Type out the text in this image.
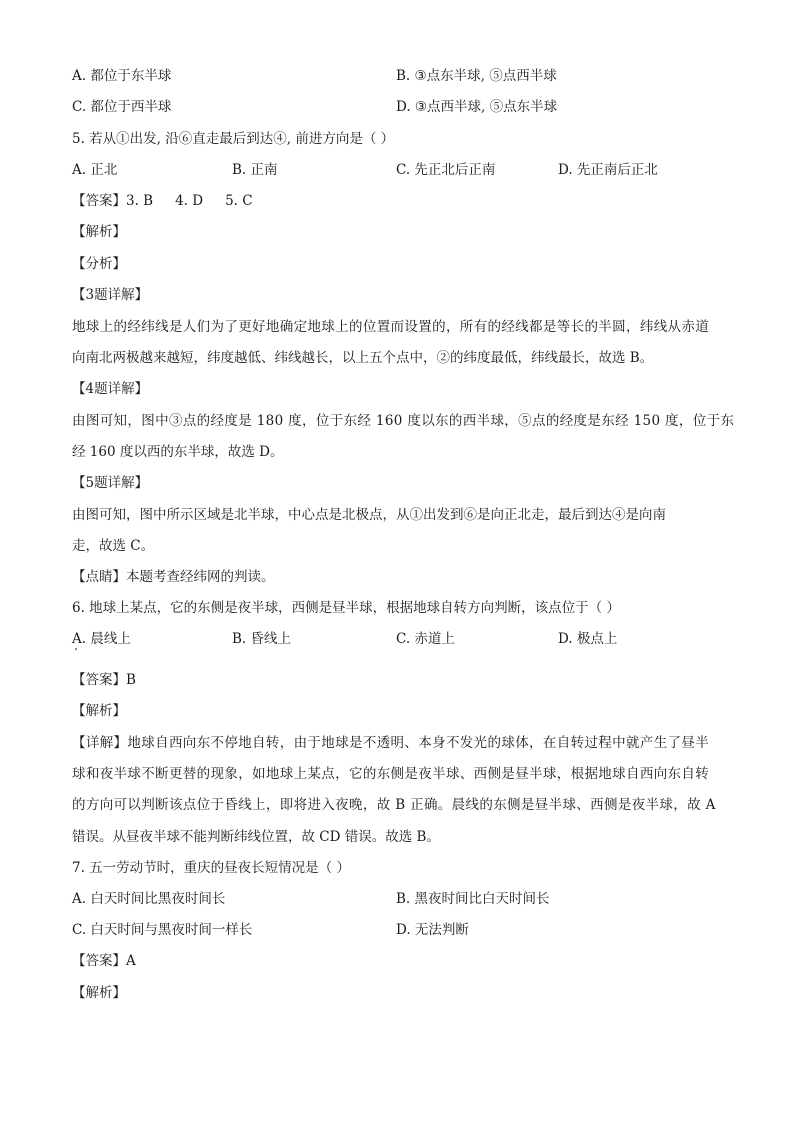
A. 都位于东半球	B. ③点东半球, ⑤点西半球
C. 都位于西半球	D. ③点西半球, ⑤点东半球
5. 若从①出发, 沿⑥直走最后到达④, 前进方向是（ ）
A. 正北	B. 正南	C. 先正北后正南	D. 先正南后正北
【答案】3. B 4. D 5. C
【解析】
【分析】
【3题详解】
地球上的经纬线是人们为了更好地确定地球上的位置而设置的，所有的经线都是等长的半圆，纬线从赤道
向南北两极越来越短，纬度越低、纬线越长，以上五个点中，②的纬度最低，纬线最长，故选 B。
【4题详解】
由图可知，图中③点的经度是 180 度，位于东经 160 度以东的西半球，⑤点的经度是东经 150 度，位于东
经 160 度以西的东半球，故选 D。
【5题详解】
由图可知，图中所示区域是北半球，中心点是北极点，从①出发到⑥是向正北走，最后到达④是向南
走，故选 C。
【点睛】本题考查经纬网的判读。
6. 地球上某点，它的东侧是夜半球，西侧是昼半球，根据地球自转方向判断，该点位于（ ）
A. 晨线上	B. 昏线上	C. 赤道上	D. 极点上
【答案】B
【解析】
【详解】地球自西向东不停地自转，由于地球是不透明、本身不发光的球体，在自转过程中就产生了昼半
球和夜半球不断更替的现象，如地球上某点，它的东侧是夜半球、西侧是昼半球，根据地球自西向东自转
的方向可以判断该点位于昏线上，即将进入夜晚，故 B 正确。晨线的东侧是昼半球、西侧是夜半球，故 A
错误。从昼夜半球不能判断纬线位置，故 CD 错误。故选 B。
7. 五一劳动节时，重庆的昼夜长短情况是（ ）
A. 白天时间比黑夜时间长	B. 黑夜时间比白天时间长
C. 白天时间与黑夜时间一样长	D. 无法判断
【答案】A
【解析】
